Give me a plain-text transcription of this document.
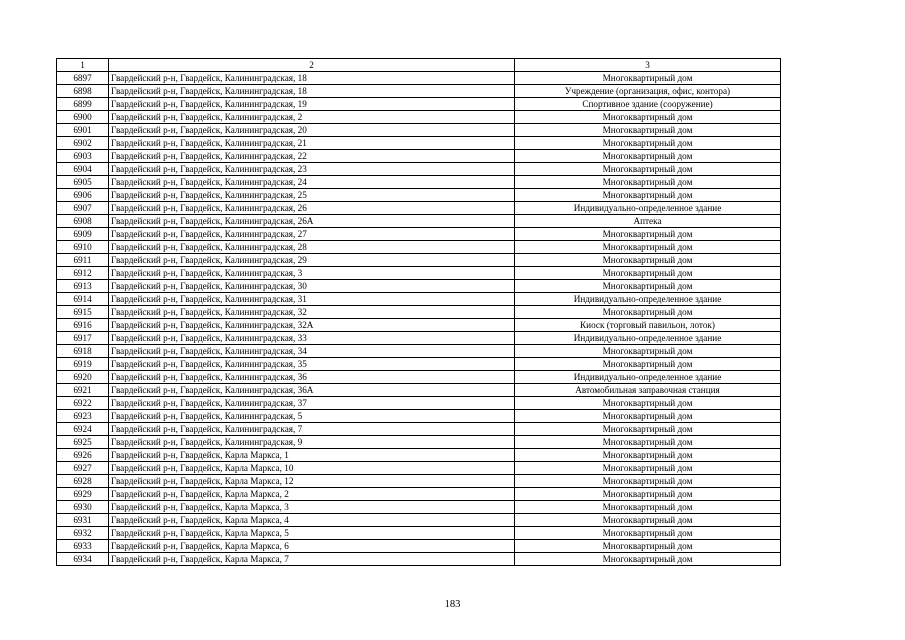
1	2	3
6897	Гвардейский р-н, Гвардейск, Калининградская, 18	Многоквартирный дом
6898	Гвардейский р-н, Гвардейск, Калининградская, 18	Учреждение (организация, офис, контора)
6899	Гвардейский р-н, Гвардейск, Калининградская, 19	Спортивное здание (сооружение)
6900	Гвардейский р-н, Гвардейск, Калининградская, 2	Многоквартирный дом
6901	Гвардейский р-н, Гвардейск, Калининградская, 20	Многоквартирный дом
6902	Гвардейский р-н, Гвардейск, Калининградская, 21	Многоквартирный дом
6903	Гвардейский р-н, Гвардейск, Калининградская, 22	Многоквартирный дом
6904	Гвардейский р-н, Гвардейск, Калининградская, 23	Многоквартирный дом
6905	Гвардейский р-н, Гвардейск, Калининградская, 24	Многоквартирный дом
6906	Гвардейский р-н, Гвардейск, Калининградская, 25	Многоквартирный дом
6907	Гвардейский р-н, Гвардейск, Калининградская, 26	Индивидуально-определенное здание
6908	Гвардейский р-н, Гвардейск, Калининградская, 26А	Аптека
6909	Гвардейский р-н, Гвардейск, Калининградская, 27	Многоквартирный дом
6910	Гвардейский р-н, Гвардейск, Калининградская, 28	Многоквартирный дом
6911	Гвардейский р-н, Гвардейск, Калининградская, 29	Многоквартирный дом
6912	Гвардейский р-н, Гвардейск, Калининградская, 3	Многоквартирный дом
6913	Гвардейский р-н, Гвардейск, Калининградская, 30	Многоквартирный дом
6914	Гвардейский р-н, Гвардейск, Калининградская, 31	Индивидуально-определенное здание
6915	Гвардейский р-н, Гвардейск, Калининградская, 32	Многоквартирный дом
6916	Гвардейский р-н, Гвардейск, Калининградская, 32А	Киоск (торговый павильон, лоток)
6917	Гвардейский р-н, Гвардейск, Калининградская, 33	Индивидуально-определенное здание
6918	Гвардейский р-н, Гвардейск, Калининградская, 34	Многоквартирный дом
6919	Гвардейский р-н, Гвардейск, Калининградская, 35	Многоквартирный дом
6920	Гвардейский р-н, Гвардейск, Калининградская, 36	Индивидуально-определенное здание
6921	Гвардейский р-н, Гвардейск, Калининградская, 36А	Автомобильная заправочная станция
6922	Гвардейский р-н, Гвардейск, Калининградская, 37	Многоквартирный дом
6923	Гвардейский р-н, Гвардейск, Калининградская, 5	Многоквартирный дом
6924	Гвардейский р-н, Гвардейск, Калининградская, 7	Многоквартирный дом
6925	Гвардейский р-н, Гвардейск, Калининградская, 9	Многоквартирный дом
6926	Гвардейский р-н, Гвардейск, Карла Маркса, 1	Многоквартирный дом
6927	Гвардейский р-н, Гвардейск, Карла Маркса, 10	Многоквартирный дом
6928	Гвардейский р-н, Гвардейск, Карла Маркса, 12	Многоквартирный дом
6929	Гвардейский р-н, Гвардейск, Карла Маркса, 2	Многоквартирный дом
6930	Гвардейский р-н, Гвардейск, Карла Маркса, 3	Многоквартирный дом
6931	Гвардейский р-н, Гвардейск, Карла Маркса, 4	Многоквартирный дом
6932	Гвардейский р-н, Гвардейск, Карла Маркса, 5	Многоквартирный дом
6933	Гвардейский р-н, Гвардейск, Карла Маркса, 6	Многоквартирный дом
6934	Гвардейский р-н, Гвардейск, Карла Маркса, 7	Многоквартирный дом
183
